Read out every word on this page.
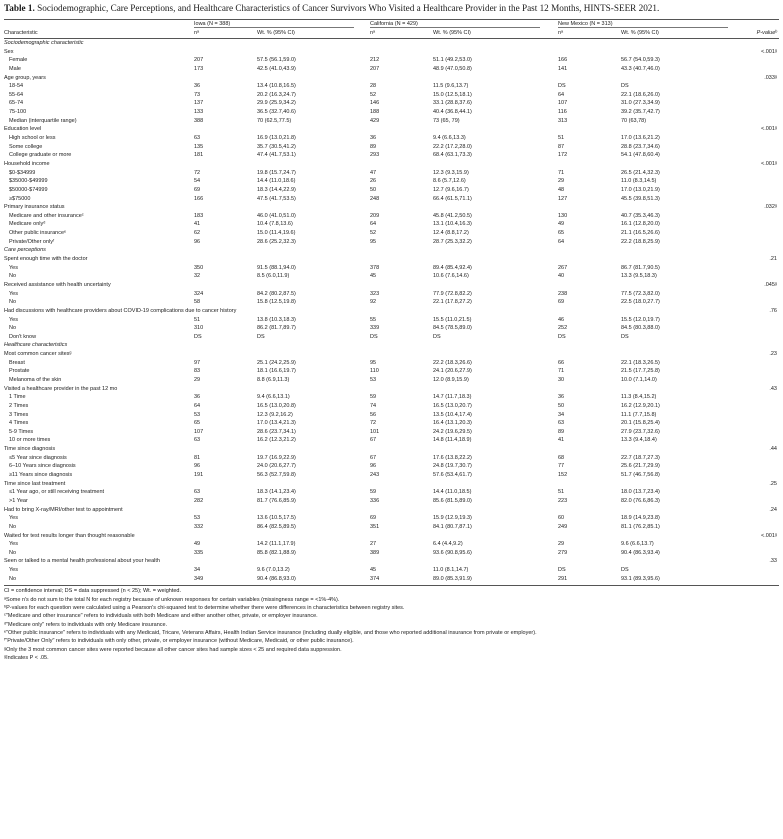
Table 1. Sociodemographic, Care Perceptions, and Healthcare Characteristics of Cancer Survivors Who Visited a Healthcare Provider in the Past 12 Months, HINTS-SEER 2021.
Iowa (N = 388)	California (N = 429)	New Mexico (N = 313)
Characteristic	nᵃ	Wt. % (95% CI)	nᵃ	Wt. % (95% CI)	nᵃ	Wt. % (95% CI)	P-valueᵇ
Sociodemographic characteristic
Sex	<.001ᵍ
Female	207	57.5 (56.1,59.0)	212	51.1 (49.2,53.0)	166	56.7 (54.0,59.3)
Male	173	42.5 (41.0,43.9)	207	48.9 (47.0,50.8)	141	43.3 (40.7,46.0)
Age group, years	.033ᵍ
18-54	36	13.4 (10.8,16.5)	28	11.5 (9.6,13.7)	DS	DS
55-64	73	20.2 (16.3,24.7)	52	15.0 (12.5,18.1)	64	22.1 (18.6,26.0)
65-74	137	29.9 (25.9,34.2)	146	33.1 (28.8,37.6)	107	31.0 (27.3,34.9)
75-100	133	36.5 (32.7,40.6)	188	40.4 (36.8,44.1)	116	39.2 (35.7,42.7)
Median (interquartile range)	388	70 (62.5,77.5)	429	73 (65, 79)	313	70 (63,78)
Education level	<.001ᵍ
High school or less	63	16.9 (13.0,21.8)	36	9.4 (6.6,13.3)	51	17.0 (13.6,21.2)
Some college	135	35.7 (30.5,41.2)	89	22.2 (17.2,28.0)	87	28.8 (23.7,34.6)
College graduate or more	181	47.4 (41.7,53.1)	293	68.4 (63.1,73.3)	172	54.1 (47.8,60.4)
Household income	<.001ᵍ
$0-$34999	72	19.8 (15.7,24.7)	47	12.3 (9.3,15.9)	71	26.5 (21.4,32.3)
$35000-$49999	54	14.4 (11.0,18.6)	26	8.6 (5.7,12.6)	29	11.0 (8.3,14.5)
$50000-$74999	69	18.3 (14.4,22.9)	50	12.7 (9.6,16.7)	48	17.0 (13.0,21.9)
≥$75000	166	47.5 (41.7,53.5)	248	66.4 (61.5,71.1)	127	45.5 (39.8,51.3)
Primary insurance status	.032ᵍ
Medicare and other insuranceᶜ	183	46.0 (41.0,51.0)	209	45.8 (41.2,50.5)	130	40.7 (35.3,46.3)
Medicare onlyᵈ	41	10.4 (7.8,13.6)	64	13.1 (10.4,16.3)	49	16.1 (12.8,20.0)
Other public insuranceᵉ	62	15.0 (11.4,19.6)	52	12.4 (8.8,17.2)	65	21.1 (16.5,26.6)
Private/Other onlyᶠ	96	28.6 (25.2,32.3)	95	28.7 (25.3,32.2)	64	22.2 (18.8,25.9)
Care perceptions
Spent enough time with the doctor	.21
Yes	350	91.5 (88.1,94.0)	378	89.4 (85.4,92.4)	267	86.7 (81.7,90.5)
No	32	8.5 (6.0,11.9)	45	10.6 (7.6,14.6)	40	13.3 (9.5,18.3)
Received assistance with health uncertainty	.045ᵍ
Yes	324	84.2 (80.2,87.5)	323	77.9 (72.8,82.2)	238	77.5 (72.3,82.0)
No	58	15.8 (12.5,19.8)	92	22.1 (17.8,27.2)	69	22.5 (18.0,27.7)
Had discussions with healthcare providers about COVID-19 complications due to cancer history	.76
Yes	51	13.8 (10.3,18.3)	55	15.5 (11.0,21.5)	46	15.5 (12.0,19.7)
No	310	86.2 (81.7,89.7)	339	84.5 (78.5,89.0)	252	84.5 (80.3,88.0)
Don't know	DS	DS	DS	DS	DS	DS
Healthcare characteristics
Most common cancer sitesᵍ	.23
Breast	97	25.1 (24.2,25.9)	95	22.2 (18.3,26.6)	66	22.1 (18.3,26.5)
Prostate	83	18.1 (16.6,19.7)	110	24.1 (20.6,27.9)	71	21.5 (17.7,25.8)
Melanoma of the skin	29	8.8 (6.9,11.3)	53	12.0 (8.9,15.9)	30	10.0 (7.1,14.0)
Visited a healthcare provider in the past 12 mo	.43
1 Time	36	9.4 (6.6,13.1)	59	14.7 (11.7,18.3)	36	11.3 (8.4,15.2)
2 Times	64	16.5 (13.0,20.8)	74	16.5 (13.0,20.7)	50	16.2 (12.9,20.1)
3 Times	53	12.3 (9.2,16.2)	56	13.5 (10.4,17.4)	34	11.1 (7.7,15.8)
4 Times	65	17.0 (13.4,21.3)	72	16.4 (13.1,20.3)	63	20.1 (15.8,25.4)
5-9 Times	107	28.6 (23.7,34.1)	101	24.2 (19.6,29.5)	89	27.9 (23.7,32.6)
10 or more times	63	16.2 (12.3,21.2)	67	14.8 (11.4,18.9)	41	13.3 (9.4,18.4)
Time since diagnosis	.44
≤5 Year since diagnosis	81	19.7 (16.9,22.9)	67	17.6 (13.8,22.2)	68	22.7 (18.7,27.3)
6–10 Years since diagnosis	96	24.0 (20.6,27.7)	96	24.8 (19.7,30.7)	77	25.6 (21.7,29.9)
≥11 Years since diagnosis	191	56.3 (52.7,59.8)	243	57.6 (53.4,61.7)	152	51.7 (46.7,56.8)
Time since last treatment	.25
≤1 Year ago, or still receiving treatment	63	18.3 (14.1,23.4)	59	14.4 (11.0,18.5)	51	18.0 (13.7,23.4)
>1 Year	282	81.7 (76.6,85.9)	336	85.6 (81.5,89.0)	223	82.0 (76.6,86.3)
Had to bring X-ray/MRI/other test to appointment	.24
Yes	53	13.6 (10.5,17.5)	69	15.9 (12.9,19.3)	60	18.9 (14.9,23.8)
No	332	86.4 (82.5,89.5)	351	84.1 (80.7,87.1)	249	81.1 (76.2,85.1)
Waited for test results longer than thought reasonable	<.001ᵍ
Yes	49	14.2 (11.1,17.9)	27	6.4 (4.4,9.2)	29	9.6 (6.6,13.7)
No	335	85.8 (82.1,88.9)	389	93.6 (90.8,95.6)	279	90.4 (86.3,93.4)
Seen or talked to a mental health professional about your health	.33
Yes	34	9.6 (7.0,13.2)	45	11.0 (8.1,14.7)	DS	DS
No	349	90.4 (86.8,93.0)	374	89.0 (85.3,91.9)	291	93.1 (89.3,95.6)
CI = confidence interval; DS = data suppressed (n < 25); Wt. = weighted.
ᵃSome n's do not sum to the total N for each registry because of unknown responses for certain variables (missingness range = <1%-4%).
ᵇP-values for each question were calculated using a Pearson's chi-squared test to determine whether there were differences in characteristics between registry sites.
ᶜ"Medicare and other insurance" refers to individuals with both Medicare and either another other, private, or employer insurance.
ᵈ"Medicare only" refers to individuals with only Medicare insurance.
ᵉ"Other public insurance" refers to individuals with any Medicaid, Tricare, Veterans Affairs, Health Indian Service insurance (including dually eligible, and those who reported additional insurance from private or employer).
ᶠ"Private/Other Only" refers to individuals with only other, private, or employer insurance (without Medicare, Medicaid, or other public insurance).
ᵍOnly the 3 most common cancer sites were reported because all other cancer sites had sample sizes < 25 and required data suppression.
ᵍIndicates P < .05.
